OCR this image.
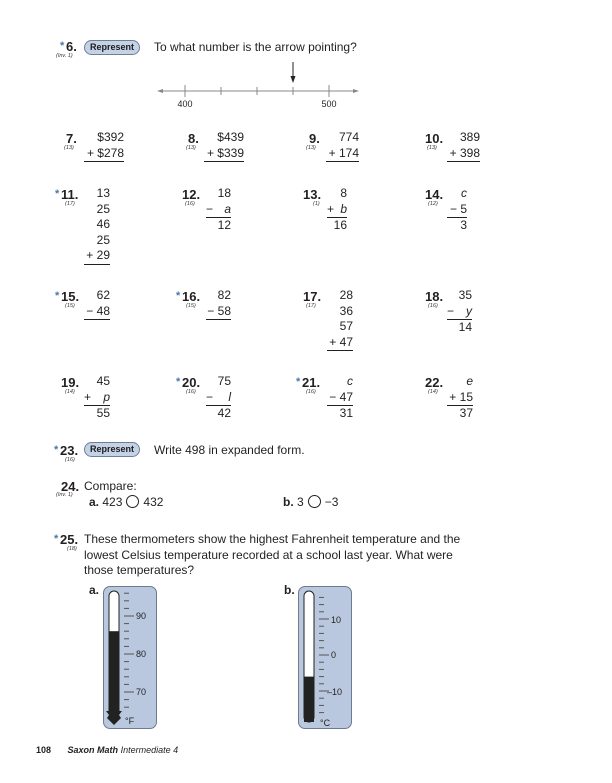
* 6.
(Inv. 1)
Represent	To what number is the arrow pointing?
400	500
7.
(13)
$392
+ $278
8.
(13)
$439
+ $339
9.
(13)
774
+ 174
10.
(13)
389
+ 398
* 11.
(17)
13
25
46
25
+ 29
12.
(16)
18
− a
12
13.
(1)
8
+ b
16
14.
(12)
c
− 5
3
* 15.
(15)
62
− 48
* 16.
(15)
82
− 58
17.
(17)
28
36
57
+ 47
18.
(16)
35
− y
14
19.
(14)
45
+ p
55
* 20.
(16)
75
− l
42
* 21.
(16)
c
− 47
31
22.
(14)
e
+ 15
37
* 23.
(16)
Represent	Write 498 in expanded form.
24.
(Inv. 1)
Compare:
a. 423 432	b. 3 −3
* 25.
(18)
These thermometers show the highest Fahrenheit temperature and the
lowest Celsius temperature recorded at a school last year. What were
those temperatures?
a.
90
80
70
°F
b.
10
0
–10
°C
108 Saxon Math Intermediate 4
